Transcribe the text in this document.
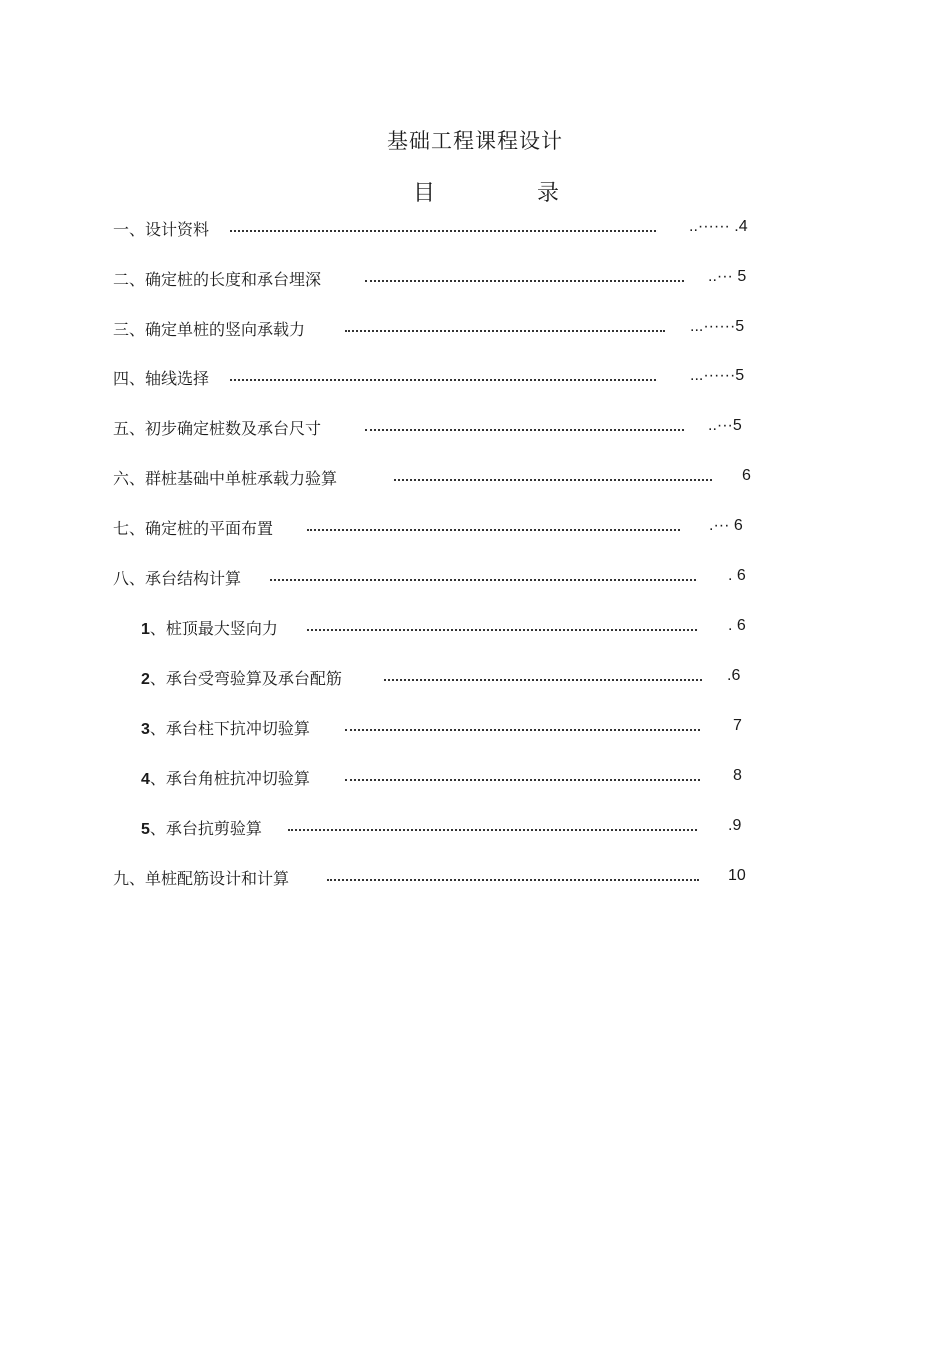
基础工程课程设计
目	录
一、设计资料	..······ .4
二、确定桩的长度和承台埋深	..··· 5
三、确定单桩的竖向承载力	...······5
四、轴线选择	...······5
五、初步确定桩数及承台尺寸	..···5
六、群桩基础中单桩承载力验算	6
七、确定桩的平面布置	.··· 6
八、承台结构计算	. 6
1、桩顶最大竖向力	. 6
2、承台受弯验算及承台配筋	.6
3、承台柱下抗冲切验算	7
4、承台角桩抗冲切验算	8
5、承台抗剪验算	.9
九、单桩配筋设计和计算	10
